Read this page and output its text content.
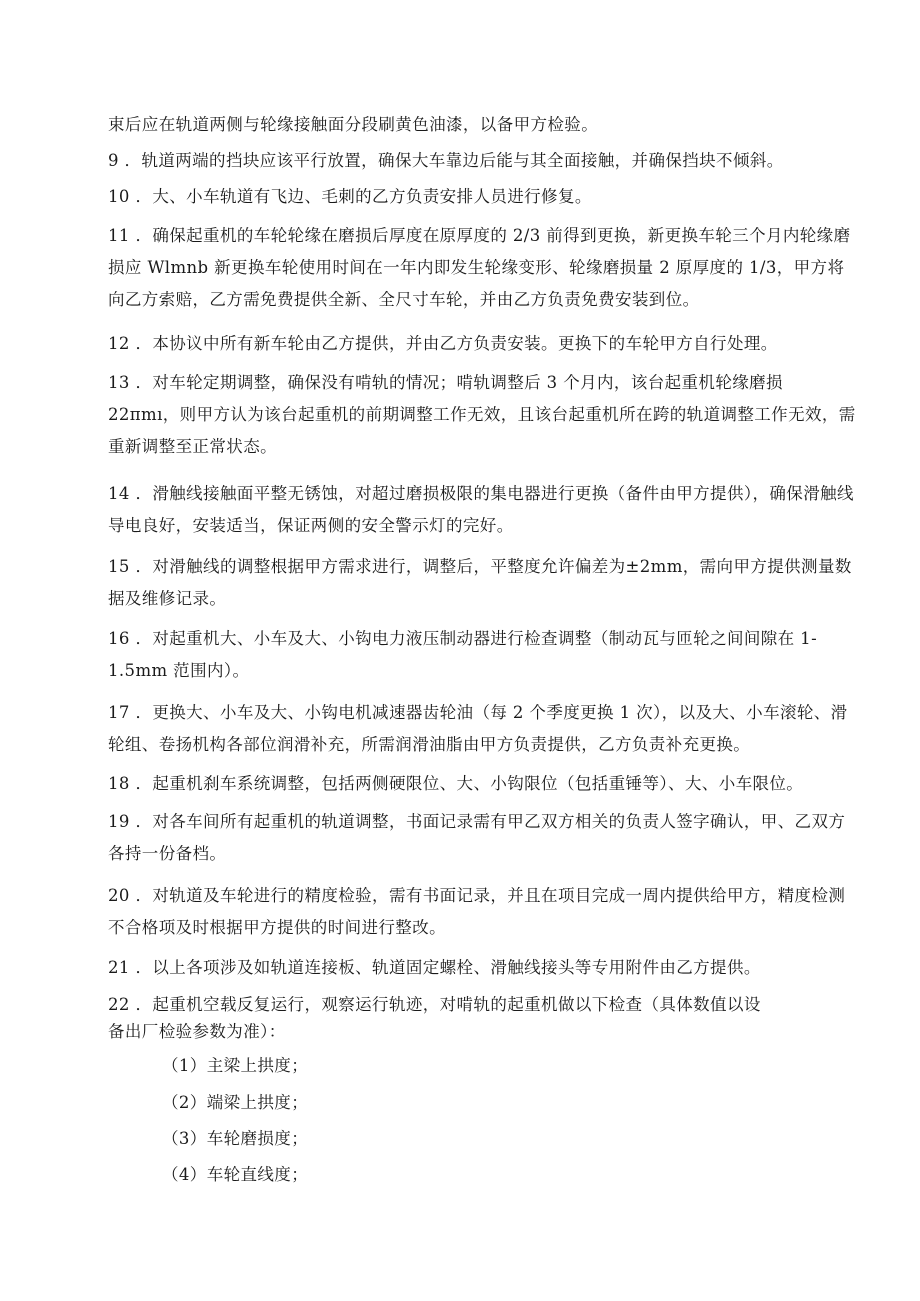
束后应在轨道两侧与轮缘接触面分段刷黄色油漆，以备甲方检验。

9 ．轨道两端的挡块应该平行放置，确保大车靠边后能与其全面接触，并确保挡块不倾斜。

10 ．大、小车轨道有飞边、毛刺的乙方负责安排人员进行修复。

11 ．确保起重机的车轮轮缘在磨损后厚度在原厚度的 2/3 前得到更换，新更换车轮三个月内轮缘磨损应 Wlmnb 新更换车轮使用时间在一年内即发生轮缘变形、轮缘磨损量 2 原厚度的 1/3，甲方将向乙方索赔，乙方需免费提供全新、全尺寸车轮，并由乙方负责免费安装到位。

12 ．本协议中所有新车轮由乙方提供，并由乙方负责安装。更换下的车轮甲方自行处理。

13 ．对车轮定期调整，确保没有啃轨的情况；啃轨调整后 3 个月内，该台起重机轮缘磨损 22πmı，则甲方认为该台起重机的前期调整工作无效，且该台起重机所在跨的轨道调整工作无效，需重新调整至正常状态。

14 ．滑触线接触面平整无锈蚀，对超过磨损极限的集电器进行更换（备件由甲方提供），确保滑触线导电良好，安装适当，保证两侧的安全警示灯的完好。

15 ．对滑触线的调整根据甲方需求进行，调整后，平整度允许偏差为±2mm，需向甲方提供测量数据及维修记录。

16 ．对起重机大、小车及大、小钩电力液压制动器进行检查调整（制动瓦与匝轮之间间隙在 1-1.5mm 范围内）。

17 ．更换大、小车及大、小钩电机减速器齿轮油（每 2 个季度更换 1 次），以及大、小车滚轮、滑轮组、卷扬机构各部位润滑补充，所需润滑油脂由甲方负责提供，乙方负责补充更换。

18 ．起重机刹车系统调整，包括两侧硬限位、大、小钩限位（包括重锤等）、大、小车限位。

19 ．对各车间所有起重机的轨道调整，书面记录需有甲乙双方相关的负责人签字确认，甲、乙双方各持一份备档。

20 ．对轨道及车轮进行的精度检验，需有书面记录，并且在项目完成一周内提供给甲方，精度检测不合格项及时根据甲方提供的时间进行整改。

21 ．以上各项涉及如轨道连接板、轨道固定螺栓、滑触线接头等专用附件由乙方提供。

22 ．起重机空载反复运行，观察运行轨迹，对啃轨的起重机做以下检查（具体数值以设

备出厂检验参数为准）：

（1）主梁上拱度；
（2）端梁上拱度；
（3）车轮磨损度；
（4）车轮直线度；
